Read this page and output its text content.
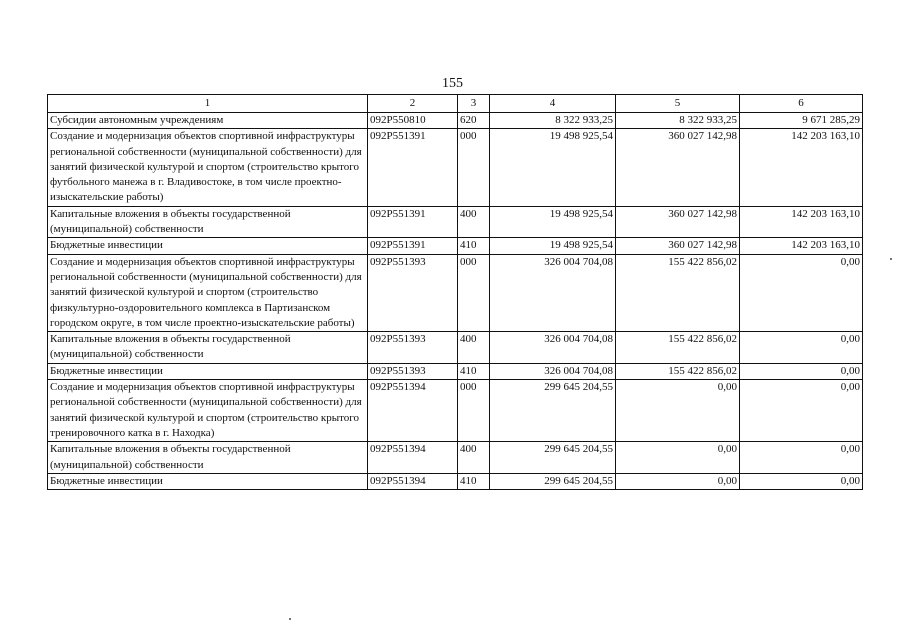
155
1	2	3	4	5	6
Субсидии автономным учреждениям	092P550810	620	8 322 933,25	8 322 933,25	9 671 285,29
Создание и модернизация объектов спортивной инфраструктуры региональной собственности (муниципальной собственности) для занятий физической культурой и спортом (строительство крытого футбольного манежа в г. Владивостоке, в том числе проектно-изыскательские работы)	092P551391	000	19 498 925,54	360 027 142,98	142 203 163,10
Капитальные вложения в объекты государственной (муниципальной) собственности	092P551391	400	19 498 925,54	360 027 142,98	142 203 163,10
Бюджетные инвестиции	092P551391	410	19 498 925,54	360 027 142,98	142 203 163,10
Создание и модернизация объектов спортивной инфраструктуры региональной собственности (муниципальной собственности) для занятий физической культурой и спортом (строительство физкультурно-оздоровительного комплекса в Партизанском городском округе, в том числе проектно-изыскательские работы)	092P551393	000	326 004 704,08	155 422 856,02	0,00
Капитальные вложения в объекты государственной (муниципальной) собственности	092P551393	400	326 004 704,08	155 422 856,02	0,00
Бюджетные инвестиции	092P551393	410	326 004 704,08	155 422 856,02	0,00
Создание и модернизация объектов спортивной инфраструктуры региональной собственности (муниципальной собственности) для занятий физической культурой и спортом (строительство крытого тренировочного катка в г. Находка)	092P551394	000	299 645 204,55	0,00	0,00
Капитальные вложения в объекты государственной (муниципальной) собственности	092P551394	400	299 645 204,55	0,00	0,00
Бюджетные инвестиции	092P551394	410	299 645 204,55	0,00	0,00
